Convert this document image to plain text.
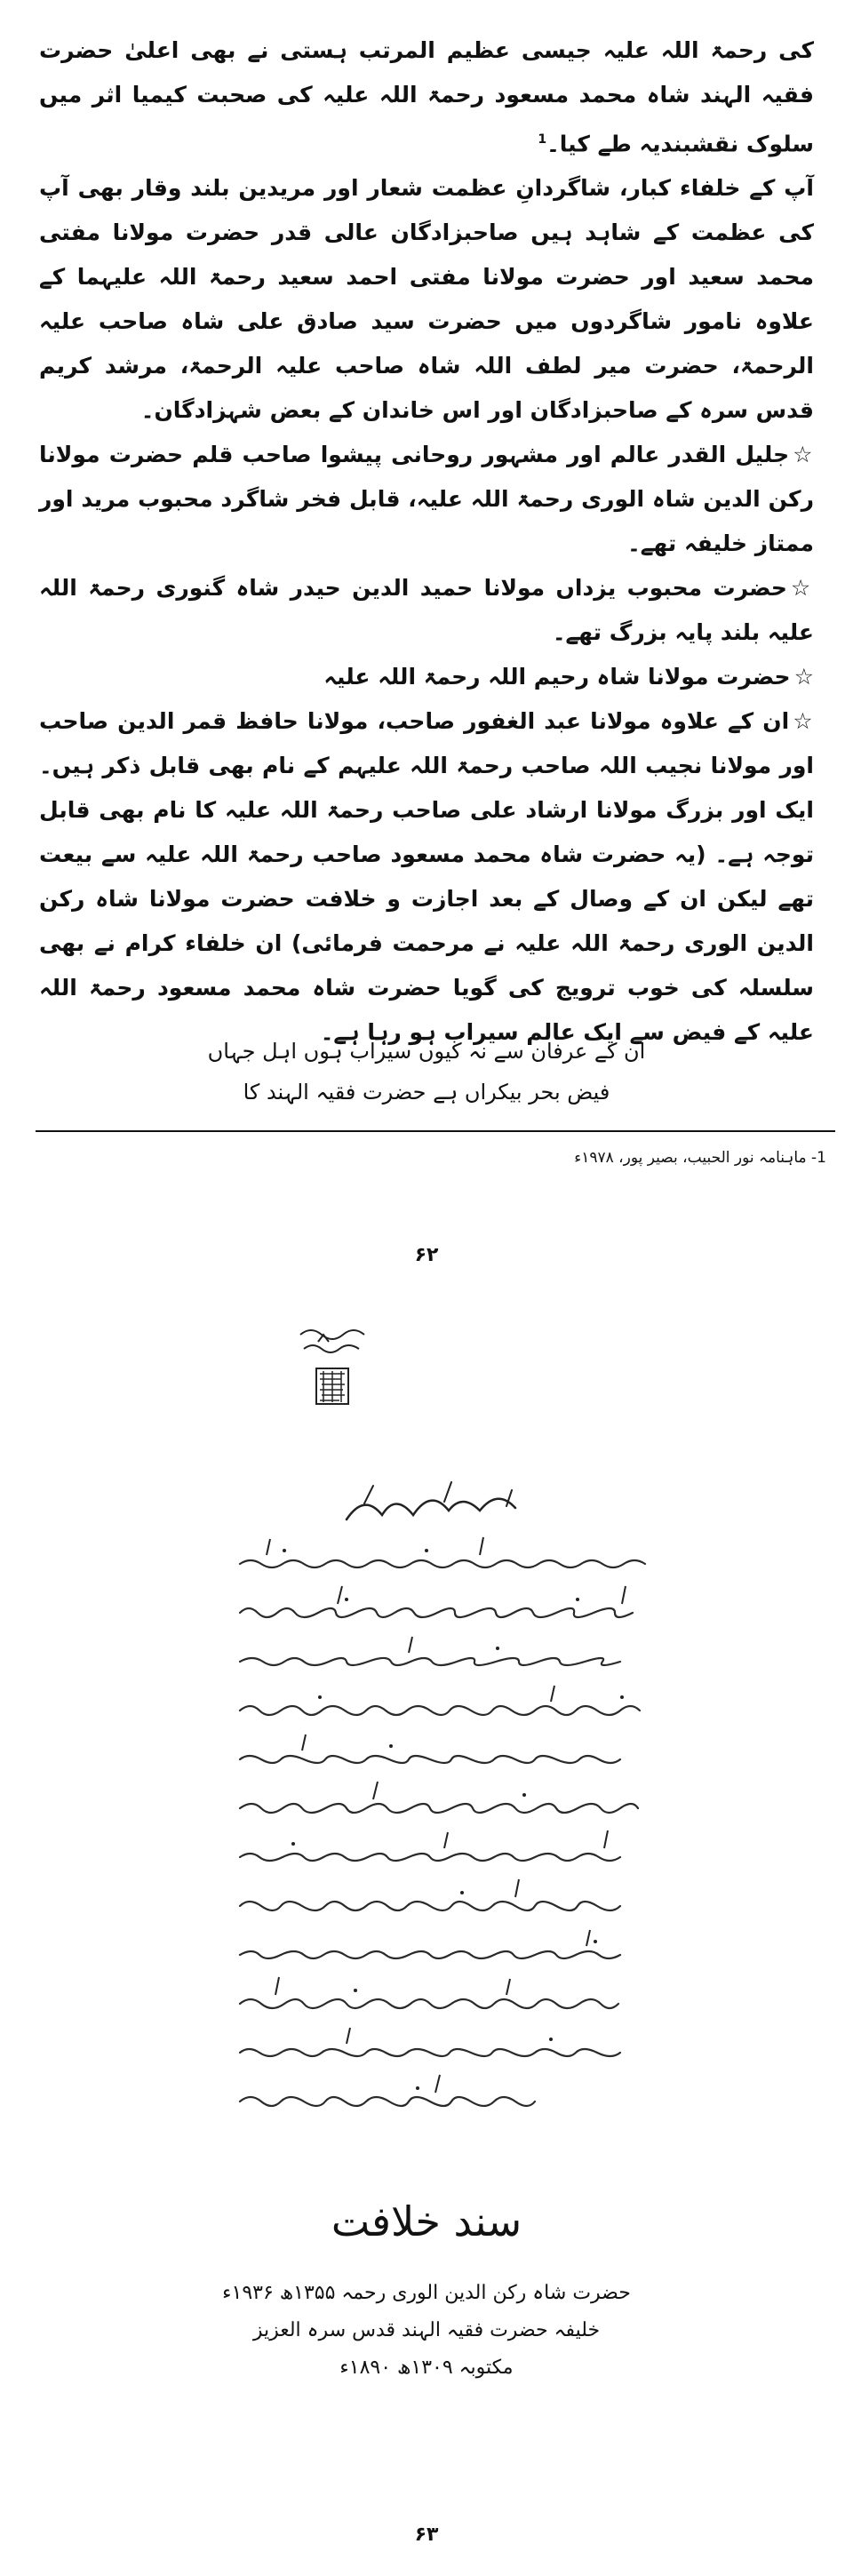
کی رحمۃ اللہ علیہ جیسی عظیم المرتب ہستی نے بھی اعلیٰ حضرت فقیہ الہند شاہ محمد مسعود رحمۃ اللہ علیہ کی صحبت کیمیا اثر میں سلوک نقشبندیہ طے کیا۔$^1$

آپ کے خلفاء کبار، شاگردانِ عظمت شعار اور مریدین بلند وقار بھی آپ کی عظمت کے شاہد ہیں صاحبزادگان عالی قدر حضرت مولانا مفتی محمد سعید اور حضرت مولانا مفتی احمد سعید رحمۃ اللہ علیہما کے علاوہ نامور شاگردوں میں حضرت سید صادق علی شاہ صاحب علیہ الرحمۃ، حضرت میر لطف اللہ شاہ صاحب علیہ الرحمۃ، مرشد کریم قدس سرہ کے صاحبزادگان اور اس خاندان کے بعض شہزادگان۔

☆جلیل القدر عالم اور مشہور روحانی پیشوا صاحب قلم حضرت مولانا رکن الدین شاہ الوری رحمۃ اللہ علیہ، قابل فخر شاگرد محبوب مرید اور ممتاز خلیفہ تھے۔

☆حضرت محبوب یزداں مولانا حمید الدین حیدر شاہ گنوری رحمۃ اللہ علیہ بلند پایہ بزرگ تھے۔

☆حضرت مولانا شاہ رحیم اللہ رحمۃ اللہ علیہ

☆ان کے علاوہ مولانا عبد الغفور صاحب، مولانا حافظ قمر الدین صاحب اور مولانا نجیب اللہ صاحب رحمۃ اللہ علیہم کے نام بھی قابل ذکر ہیں۔ ایک اور بزرگ مولانا ارشاد علی صاحب رحمۃ اللہ علیہ کا نام بھی قابل توجہ ہے۔ (یہ حضرت شاہ محمد مسعود صاحب رحمۃ اللہ علیہ سے بیعت تھے لیکن ان کے وصال کے بعد اجازت و خلافت حضرت مولانا شاہ رکن الدین الوری رحمۃ اللہ علیہ نے مرحمت فرمائی) ان خلفاء کرام نے بھی سلسلہ کی خوب ترویج کی گویا حضرت شاہ محمد مسعود رحمۃ اللہ علیہ کے فیض سے ایک عالم سیراب ہو رہا ہے۔

ان کے عرفان سے نہ کیوں سیراب ہوں اہل جہاں
فیض بحر بیکراں ہے حضرت فقیہ الہند کا
1- ماہنامہ نور الحبیب، بصیر پور، ۱۹۷۸ء
۶۲
سند خلافت
حضرت شاہ رکن الدین الوری رحمہ ۱۳۵۵ھ ۱۹۳۶ء
خلیفہ حضرت فقیہ الہند قدس سرہ العزیز
مکتوبہ ۱۳۰۹ھ ۱۸۹۰ء
۶۳
